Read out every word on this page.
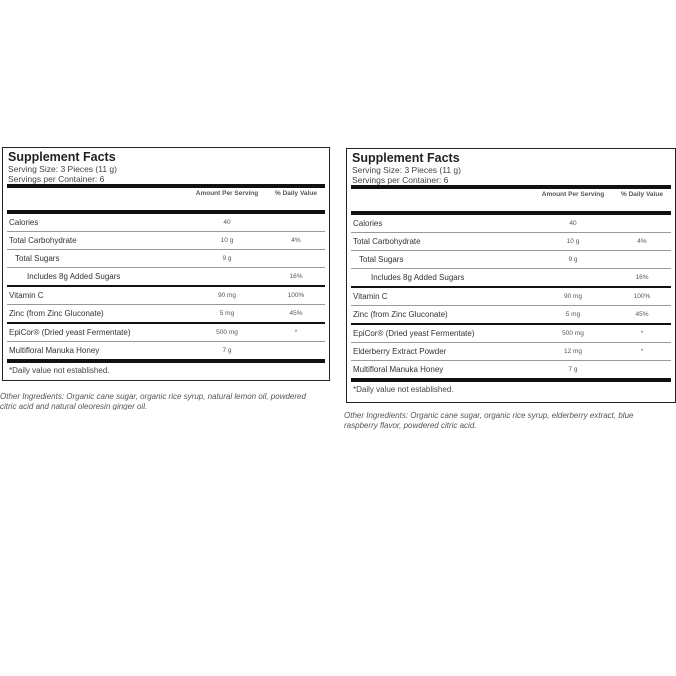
Supplement Facts
Serving Size: 3 Pieces (11 g)
Servings per Container: 6
Amount Per Serving	% Daily Value
Calories	40
Total Carbohydrate	10 g	4%
Total Sugars	9 g
Includes 8g Added Sugars	16%
Vitamin C	90 mg	100%
Zinc (from Zinc Gluconate)	5 mg	45%
EpiCor® (Dried yeast Fermentate)	500 mg	*
Multifloral Manuka Honey	7 g
*Daily value not established.
Other Ingredients: Organic cane sugar, organic rice syrup, natural lemon oil, powdered citric acid and natural oleoresin ginger oil.
Supplement Facts
Serving Size: 3 Pieces (11 g)
Servings per Container: 6
Amount Per Serving	% Daily Value
Calories	40
Total Carbohydrate	10 g	4%
Total Sugars	9 g
Includes 8g Added Sugars	16%
Vitamin C	90 mg	100%
Zinc (from Zinc Gluconate)	5 mg	45%
EpiCor® (Dried yeast Fermentate)	500 mg	*
Elderberry Extract Powder	12 mg	*
Multifloral Manuka Honey	7 g
*Daily value not established.
Other Ingredients: Organic cane sugar, organic rice syrup, elderberry extract, blue raspberry flavor, powdered citric acid.
